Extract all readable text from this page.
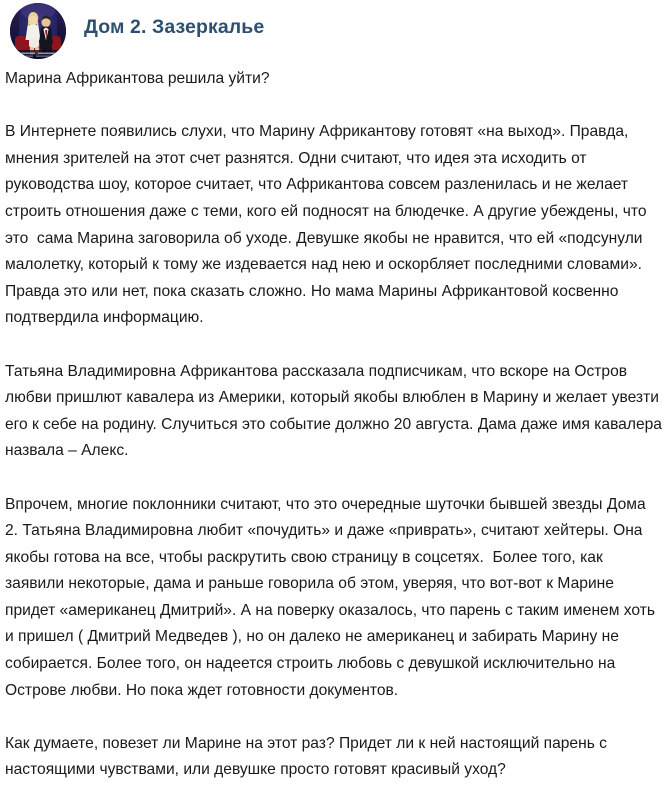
Дом 2. Зазеркалье

Марина Африкантова решила уйти?

В Интернете появились слухи, что Марину Африкантову готовят «на выход». Правда, мнения зрителей на этот счет разнятся. Одни считают, что идея эта исходить от руководства шоу, которое считает, что Африкантова совсем разленилась и не желает строить отношения даже с теми, кого ей подносят на блюдечке. А другие убеждены, что это  сама Марина заговорила об уходе. Девушке якобы не нравится, что ей «подсунули малолетку, который к тому же издевается над нею и оскорбляет последними словами». Правда это или нет, пока сказать сложно. Но мама Марины Африкантовой косвенно подтвердила информацию.

Татьяна Владимировна Африкантова рассказала подписчикам, что вскоре на Остров любви пришлют кавалера из Америки, который якобы влюблен в Марину и желает увезти его к себе на родину. Случиться это событие должно 20 августа. Дама даже имя кавалера назвала – Алекс.

Впрочем, многие поклонники считают, что это очередные шуточки бывшей звезды Дома 2. Татьяна Владимировна любит «почудить» и даже «приврать», считают хейтеры. Она якобы готова на все, чтобы раскрутить свою страницу в соцсетях.  Более того, как заявили некоторые, дама и раньше говорила об этом, уверяя, что вот-вот к Марине придет «американец Дмитрий». А на поверку оказалось, что парень с таким именем хоть и пришел ( Дмитрий Медведев ), но он далеко не американец и забирать Марину не собирается. Более того, он надеется строить любовь с девушкой исключительно на Острове любви. Но пока ждет готовности документов.

Как думаете, повезет ли Марине на этот раз? Придет ли к ней настоящий парень с настоящими чувствами, или девушке просто готовят красивый уход?
